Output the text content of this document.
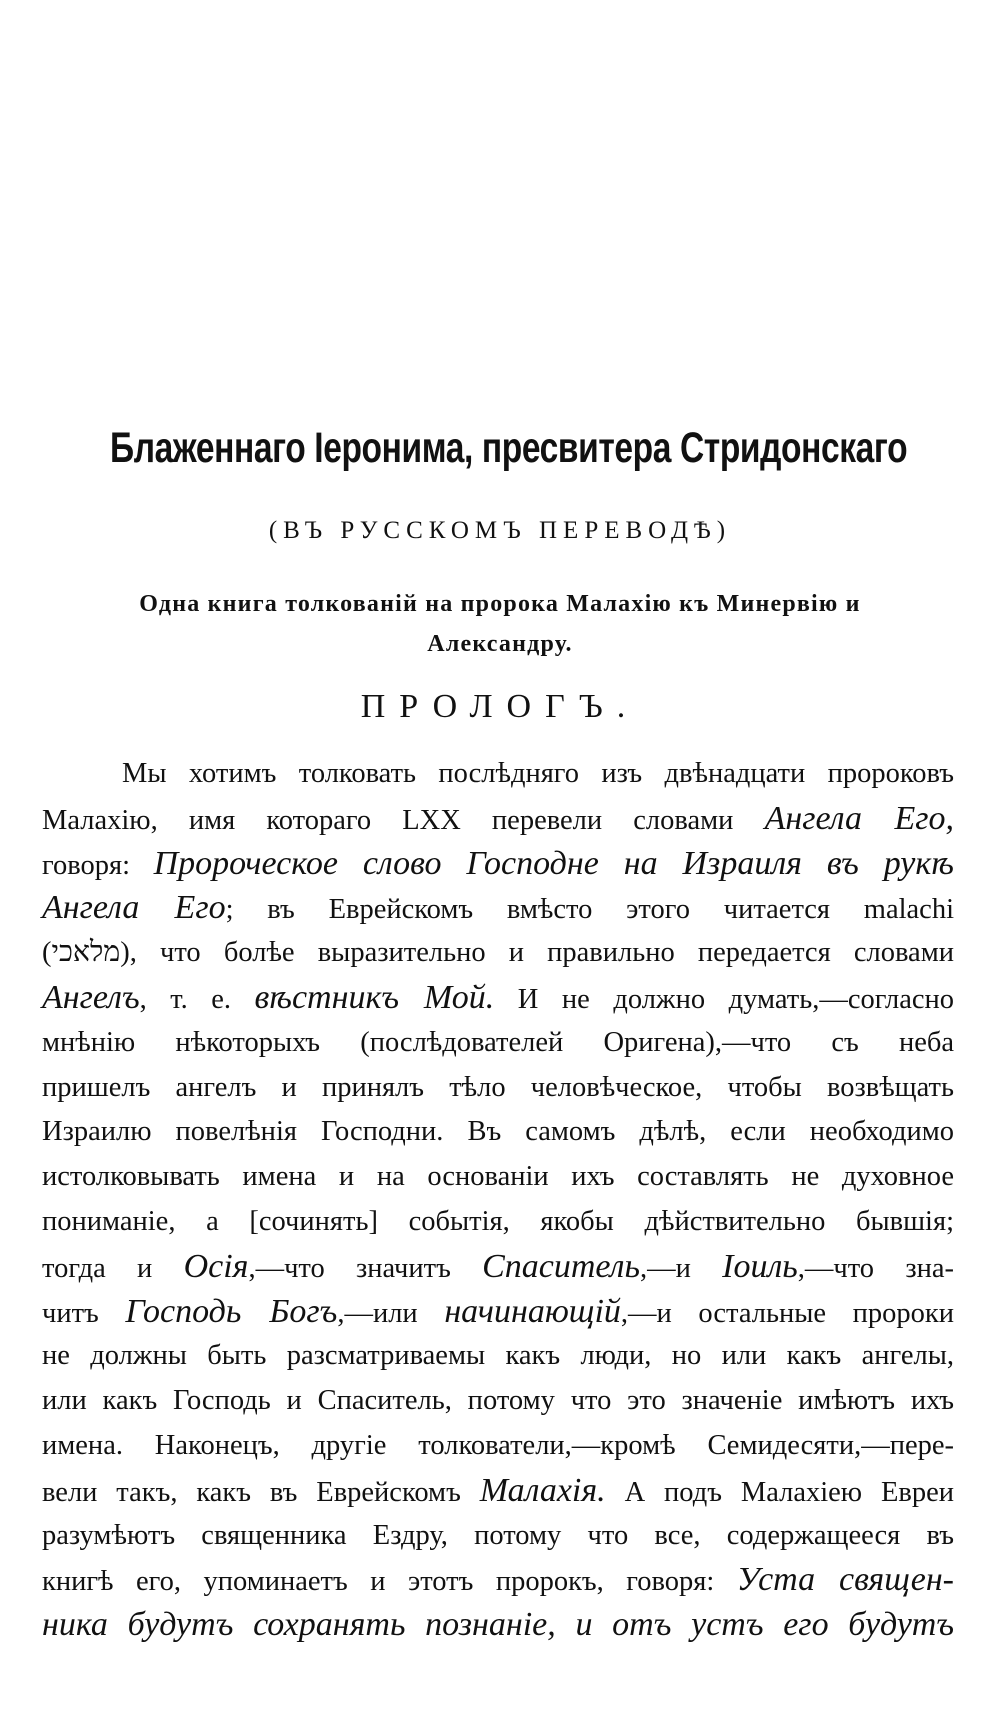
Блаженнаго Іеронима, пресвитера Стридонскаго
(ВЪ РУССКОМЪ ПЕРЕВОДѢ)
Одна книга толкованій на пророка Малахію къ Минервію и Александру.
ПРОЛОГЪ.
Мы хотимъ толковать послѣдняго изъ двѣнадцати пророковъ
Малахію, имя котораго LXX перевели словами Ангела Его,
говоря: Пророческое слово Господне на Израиля въ рукѣ
Ангела Его; въ Еврейскомъ вмѣсто этого читается malachi
(מלאכי), что болѣе выразительно и правильно передается словами
Ангелъ, т. е. вѣстникъ Мой. И не должно думать,—согласно
мнѣнію нѣкоторыхъ (послѣдователей Оригена),—что съ неба
пришелъ ангелъ и принялъ тѣло человѣческое, чтобы возвѣщать
Израилю повелѣнія Господни. Въ самомъ дѣлѣ, если необходимо
истолковывать имена и на основаніи ихъ составлять не духовное
пониманіе, а [сочинять] событія, якобы дѣйствительно бывшія;
тогда и Осія,—что значитъ Спаситель,—и Іоиль,—что зна-
читъ Господь Богъ,—или начинающій,—и остальные пророки
не должны быть разсматриваемы какъ люди, но или какъ ангелы,
или какъ Господь и Спаситель, потому что это значеніе имѣютъ ихъ
имена. Наконецъ, другіе толкователи,—кромѣ Семидесяти,—пере-
вели такъ, какъ въ Еврейскомъ Малахія. А подъ Малахіею Евреи
разумѣютъ священника Ездру, потому что все, содержащееся въ
книгѣ его, упоминаетъ и этотъ пророкъ, говоря: Уста священ-
ника будутъ сохранять познаніе, и отъ устъ его будутъ
